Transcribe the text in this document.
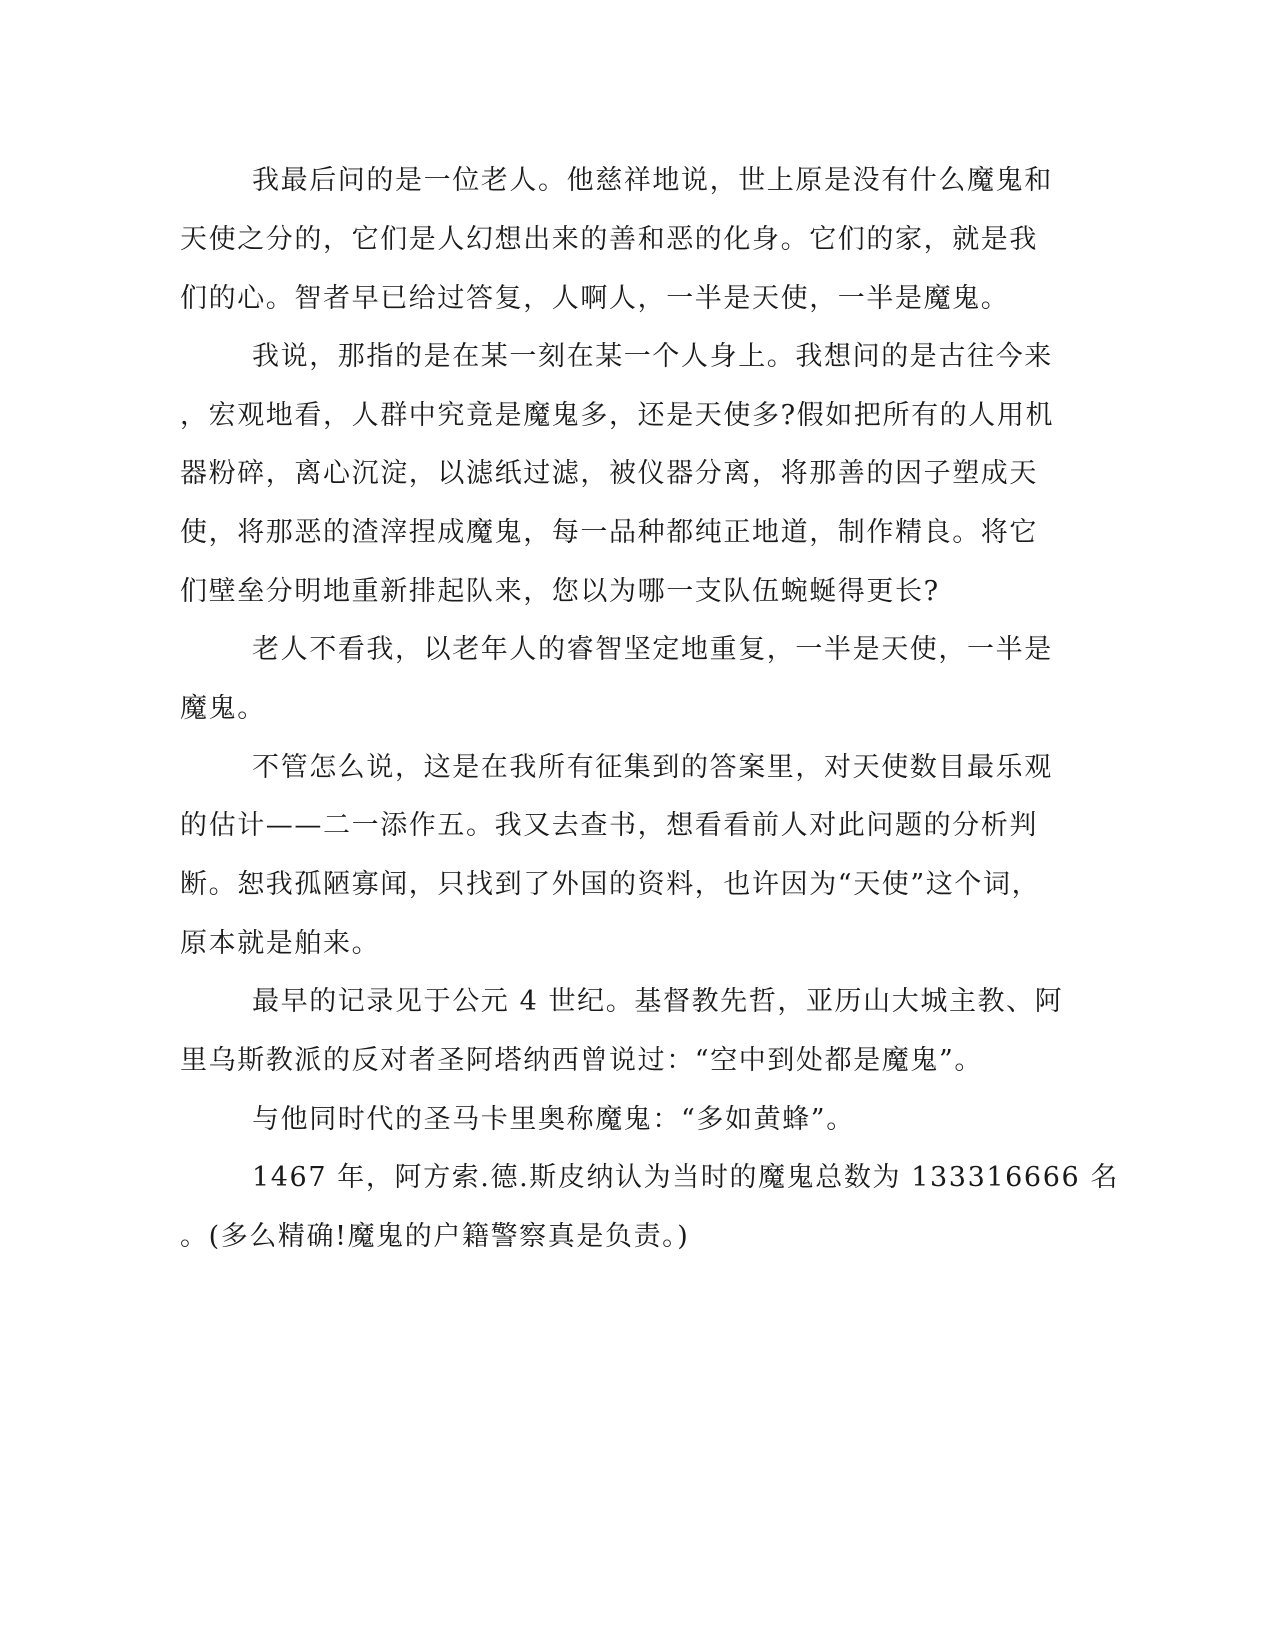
我最后问的是一位老人。他慈祥地说，世上原是没有什么魔鬼和
天使之分的，它们是人幻想出来的善和恶的化身。它们的家，就是我
们的心。智者早已给过答复，人啊人，一半是天使，一半是魔鬼。
我说，那指的是在某一刻在某一个人身上。我想问的是古往今来
，宏观地看，人群中究竟是魔鬼多，还是天使多?假如把所有的人用机
器粉碎，离心沉淀，以滤纸过滤，被仪器分离，将那善的因子塑成天
使，将那恶的渣滓捏成魔鬼，每一品种都纯正地道，制作精良。将它
们壁垒分明地重新排起队来，您以为哪一支队伍蜿蜒得更长?
老人不看我，以老年人的睿智坚定地重复，一半是天使，一半是
魔鬼。
不管怎么说，这是在我所有征集到的答案里，对天使数目最乐观
的估计——二一添作五。我又去查书，想看看前人对此问题的分析判
断。恕我孤陋寡闻，只找到了外国的资料，也许因为“天使”这个词，
原本就是舶来。
最早的记录见于公元 4 世纪。基督教先哲，亚历山大城主教、阿
里乌斯教派的反对者圣阿塔纳西曾说过：“空中到处都是魔鬼”。
与他同时代的圣马卡里奥称魔鬼：“多如黄蜂”。
1467 年，阿方索.德.斯皮纳认为当时的魔鬼总数为 133316666 名
。(多么精确!魔鬼的户籍警察真是负责。)
